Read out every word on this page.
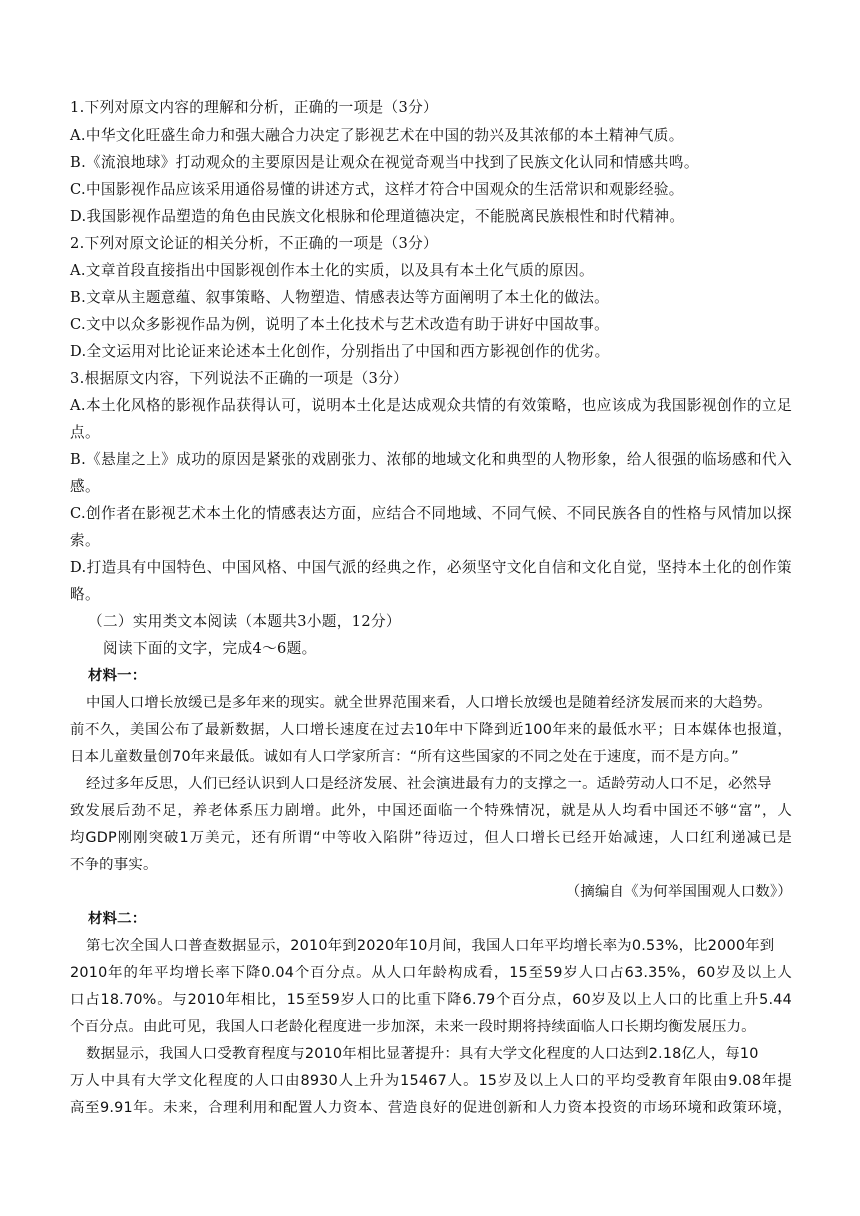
1.下列对原文内容的理解和分析，正确的一项是（3分）
A.中华文化旺盛生命力和强大融合力决定了影视艺术在中国的勃兴及其浓郁的本土精神气质。
B.《流浪地球》打动观众的主要原因是让观众在视觉奇观当中找到了民族文化认同和情感共鸣。
C.中国影视作品应该采用通俗易懂的讲述方式，这样才符合中国观众的生活常识和观影经验。
D.我国影视作品塑造的角色由民族文化根脉和伦理道德决定，不能脱离民族根性和时代精神。
2.下列对原文论证的相关分析，不正确的一项是（3分）
A.文章首段直接指出中国影视创作本土化的实质，以及具有本土化气质的原因。
B.文章从主题意蕴、叙事策略、人物塑造、情感表达等方面阐明了本土化的做法。
C.文中以众多影视作品为例，说明了本土化技术与艺术改造有助于讲好中国故事。
D.全文运用对比论证来论述本土化创作，分别指出了中国和西方影视创作的优劣。
3.根据原文内容，下列说法不正确的一项是（3分）
A.本土化风格的影视作品获得认可，说明本土化是达成观众共情的有效策略，也应该成为我国影视创作的立足
点。
B.《悬崖之上》成功的原因是紧张的戏剧张力、浓郁的地域文化和典型的人物形象，给人很强的临场感和代入
感。
C.创作者在影视艺术本土化的情感表达方面，应结合不同地域、不同气候、不同民族各自的性格与风情加以探
索。
D.打造具有中国特色、中国风格、中国气派的经典之作，必须坚守文化自信和文化自觉，坚持本土化的创作策
略。
（二）实用类文本阅读（本题共3小题，12分）
阅读下面的文字，完成4～6题。
材料一：
中国人口增长放缓已是多年来的现实。就全世界范围来看，人口增长放缓也是随着经济发展而来的大趋势。
前不久，美国公布了最新数据，人口增长速度在过去10年中下降到近100年来的最低水平；日本媒体也报道，
日本儿童数量创70年来最低。诚如有人口学家所言：“所有这些国家的不同之处在于速度，而不是方向。”
经过多年反思，人们已经认识到人口是经济发展、社会演进最有力的支撑之一。适龄劳动人口不足，必然导
致发展后劲不足，养老体系压力剧增。此外，中国还面临一个特殊情况，就是从人均看中国还不够“富”，人
均GDP刚刚突破1万美元，还有所谓“中等收入陷阱”待迈过，但人口增长已经开始减速，人口红利递减已是
不争的事实。
（摘编自《为何举国围观人口数》）
材料二：
第七次全国人口普查数据显示，2010年到2020年10月间，我国人口年平均增长率为0.53%，比2000年到
2010年的年平均增长率下降0.04个百分点。从人口年龄构成看，15至59岁人口占63.35%，60岁及以上人
口占18.70%。与2010年相比，15至59岁人口的比重下降6.79个百分点，60岁及以上人口的比重上升5.44
个百分点。由此可见，我国人口老龄化程度进一步加深，未来一段时期将持续面临人口长期均衡发展压力。
数据显示，我国人口受教育程度与2010年相比显著提升：具有大学文化程度的人口达到2.18亿人，每10
万人中具有大学文化程度的人口由8930人上升为15467人。15岁及以上人口的平均受教育年限由9.08年提
高至9.91年。未来，合理利用和配置人力资本、营造良好的促进创新和人力资本投资的市场环境和政策环境，
